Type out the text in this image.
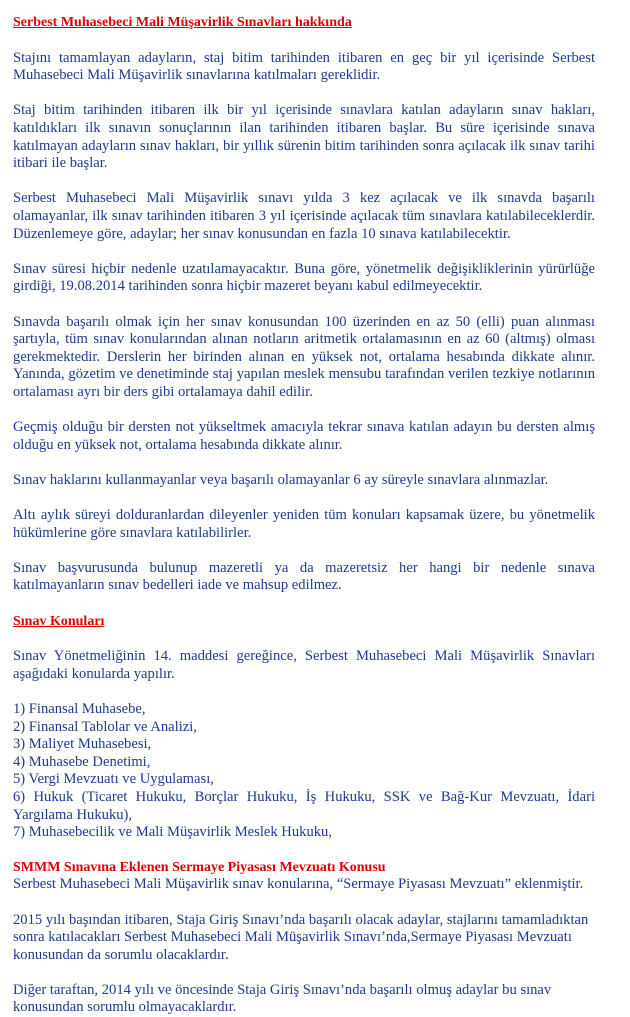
Serbest Muhasebeci Mali Müşavirlik Sınavları hakkında

Stajını tamamlayan adayların, staj bitim tarihinden itibaren en geç bir yıl içerisinde Serbest Muhasebeci Mali Müşavirlik sınavlarına katılmaları gereklidir.

Staj bitim tarihinden itibaren ilk bir yıl içerisinde sınavlara katılan adayların sınav hakları, katıldıkları ilk sınavın sonuçlarının ilan tarihinden itibaren başlar. Bu süre içerisinde sınava katılmayan adayların sınav hakları, bir yıllık sürenin bitim tarihinden sonra açılacak ilk sınav tarihi itibari ile başlar.

Serbest Muhasebeci Mali Müşavirlik sınavı yılda 3 kez açılacak ve ilk sınavda başarılı olamayanlar, ilk sınav tarihinden itibaren 3 yıl içerisinde açılacak tüm sınavlara katılabileceklerdir. Düzenlemeye göre, adaylar; her sınav konusundan en fazla 10 sınava katılabilecektir.

Sınav süresi hiçbir nedenle uzatılamayacaktır. Buna göre, yönetmelik değişikliklerinin yürürlüğe girdiği, 19.08.2014 tarihinden sonra hiçbir mazeret beyanı kabul edilmeyecektir.

Sınavda başarılı olmak için her sınav konusundan 100 üzerinden en az 50 (elli) puan alınması şartıyla, tüm sınav konularından alınan notların aritmetik ortalamasının en az 60 (altmış) olması gerekmektedir. Derslerin her birinden alınan en yüksek not, ortalama hesabında dikkate alınır. Yanında, gözetim ve denetiminde staj yapılan meslek mensubu tarafından verilen tezkiye notlarının ortalaması ayrı bir ders gibi ortalamaya dahil edilir.

Geçmiş olduğu bir dersten not yükseltmek amacıyla tekrar sınava katılan adayın bu dersten almış olduğu en yüksek not, ortalama hesabında dikkate alınır.

Sınav haklarını kullanmayanlar veya başarılı olamayanlar 6 ay süreyle sınavlara alınmazlar.

Altı aylık süreyi dolduranlardan dileyenler yeniden tüm konuları kapsamak üzere, bu yönetmelik hükümlerine göre sınavlara katılabilirler.

Sınav başvurusunda bulunup mazeretli ya da mazeretsiz her hangi bir nedenle sınava katılmayanların sınav bedelleri iade ve mahsup edilmez.

Sınav Konuları

Sınav Yönetmeliğinin 14. maddesi gereğince, Serbest Muhasebeci Mali Müşavirlik Sınavları aşağıdaki konularda yapılır.

1) Finansal Muhasebe,
2) Finansal Tablolar ve Analizi,
3) Maliyet Muhasebesi,
4) Muhasebe Denetimi,
5) Vergi Mevzuatı ve Uygulaması,
6) Hukuk (Ticaret Hukuku, Borçlar Hukuku, İş Hukuku, SSK ve Bağ-Kur Mevzuatı, İdari Yargılama Hukuku),
7) Muhasebecilik ve Mali Müşavirlik Meslek Hukuku,
SMMM Sınavına Eklenen Sermaye Piyasası Mevzuatı Konusu

Serbest Muhasebeci Mali Müşavirlik sınav konularına, “Sermaye Piyasası Mevzuatı” eklenmiştir.

2015 yılı başından itibaren, Staja Giriş Sınavı’nda başarılı olacak adaylar, stajlarını tamamladıktan sonra katılacakları Serbest Muhasebeci Mali Müşavirlik Sınavı’nda,Sermaye Piyasası Mevzuatı konusundan da sorumlu olacaklardır.

Diğer taraftan, 2014 yılı ve öncesinde Staja Giriş Sınavı’nda başarılı olmuş adaylar bu sınav konusundan sorumlu olmayacaklardır.
